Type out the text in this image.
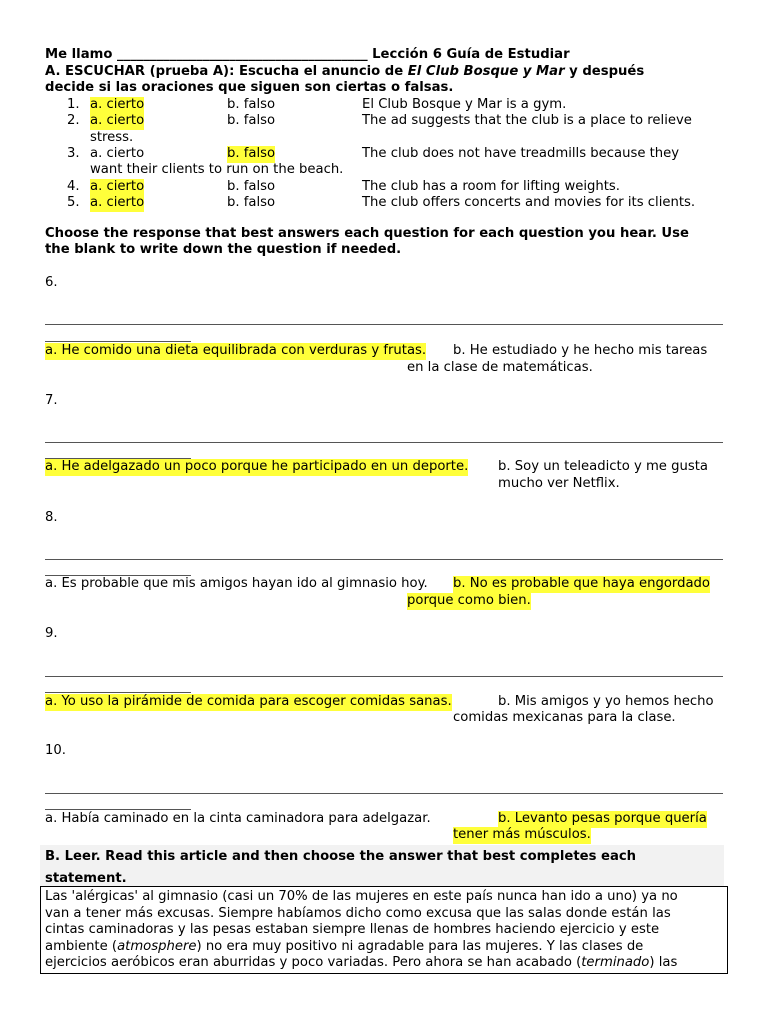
Me llamo ______________________________________ Lección 6 Guía de Estudiar
A. ESCUCHAR (prueba A): Escucha el anuncio de El Club Bosque y Mar y después
decide si las oraciones que siguen son ciertas o falsas.
1. a. cierto	b. falso	El Club Bosque y Mar is a gym.
2. a. cierto	b. falso	The ad suggests that the club is a place to relieve
stress.
3. a. cierto	b. falso	The club does not have treadmills because they
want their clients to run on the beach.
4. a. cierto	b. falso	The club has a room for lifting weights.
5. a. cierto	b. falso	The club offers concerts and movies for its clients.
Choose the response that best answers each question for each question you hear. Use
the blank to write down the question if needed.
6.
a. He comido una dieta equilibrada con verduras y frutas. b. He estudiado y he hecho mis tareas
en la clase de matemáticas.
7.
a. He adelgazado un poco porque he participado en un deporte. b. Soy un teleadicto y me gusta
mucho ver Netflix.
8.
a. Es probable que mis amigos hayan ido al gimnasio hoy. b. No es probable que haya engordado
porque como bien.
9.
a. Yo uso la pirámide de comida para escoger comidas sanas.	b. Mis amigos y yo hemos hecho
comidas mexicanas para la clase.
10.
a. Había caminado en la cinta caminadora para adelgazar.	b. Levanto pesas porque quería
tener más músculos.
B. Leer. Read this article and then choose the answer that best completes each
statement.
Las 'alérgicas' al gimnasio (casi un 70% de las mujeres en este país nunca han ido a uno) ya no
van a tener más excusas. Siempre habíamos dicho como excusa que las salas donde están las
cintas caminadoras y las pesas estaban siempre llenas de hombres haciendo ejercicio y este
ambiente (atmosphere) no era muy positivo ni agradable para las mujeres. Y las clases de
ejercicios aeróbicos eran aburridas y poco variadas. Pero ahora se han acabado (terminado) las
